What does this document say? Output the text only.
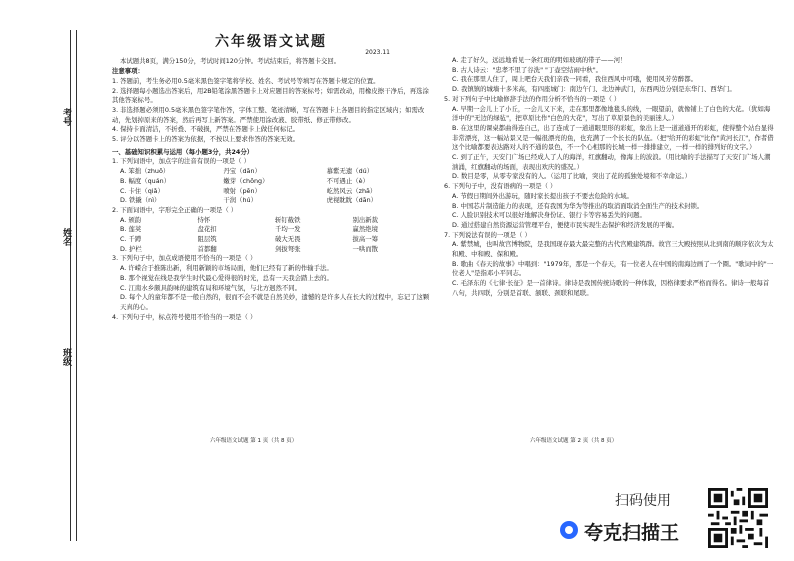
考号
姓名
班级
六年级语文试题
2023.11

本试题共8页，满分150分，考试时间120分钟。考试结束后，将答题卡交回。

注意事项：

1. 答题前，考生务必用0.5毫米黑色签字笔将学校、姓名、考试号等填写在答题卡规定的位置。

2. 选择题每小题选出答案后，用2B铅笔涂黑答题卡上对应题目的答案标号；如需改动，用橡皮擦干净后，再选涂其他答案标号。

3. 非选择题必须用0.5毫米黑色签字笔作答，字体工整、笔迹清晰，写在答题卡上各题目的指定区域内；如需改动，先划掉原来的答案，然后再写上新答案。严禁使用涂改液、胶带纸、修正带修改。

4. 保持卡面清洁，不折叠、不破损，严禁在答题卡上做任何标记。

5. 评分以答题卡上的答案为依据，不按以上要求作答的答案无效。

一、基础知识积累与运用（每小题3分，共24分）

1. 下列词语中，加点字的注音有误的一项是（ ）

A. 笨拙（zhuō）	丹宝（dān）	慕紫无遗（dú）
B. 幅度（quán）	嫩芽（chōng）	不可遇止（è）
C. 卡住（qiǎ）	喷射（pēn）	屹然风云（zhā）
D. 铁撬（nì）	干润（hú）	虎视眈眈（dān）

2. 下面词语中，字形完全正确的一项是（ ）

A. 颁韵	恃怀	斩钉截铁	别出新裁
B. 莲荚	盘花扣	千均一发	赢然绝境
C. 千蹲	阻层筑	破大无畏	拔高一筹
D. 护栏	首都翻	剑拔弩张	一哄而散

3. 下列句子中，加点成语使用不恰当的一项是（ ）

A. 许嵘合于推陈出新，利用新颖的市场局面，他们已经有了新的作输手法。

B. 那个视觉在线是我学生时代最心爱得很的时光，总有一天我会踏上去的。

C. 江南水乡颇具韵味的建筑有局和环境气氛，与北方迥然不同。

D. 每个人的童年都不是一般自然的，很而不会不就是自然美妙，遗憾的是许多人在长大的过程中，忘记了这颗天真的心。

4. 下列句子中，标点符号使用不恰当的一项是（ ）

六年级语文试题 第 1 页（共 8 页）

A. 走了好久，远远地看见一条红斑的明如玻璃的带子——河！

B. 古人诗云："忠孝不里了谷洗" "丁壶空结雨中秋"。

C. 我在那里人住了，周上吧台天我们亲我一同看，我住西风中可哦，使用风芳劳醉都。

D. 我镇镇的城墙十多米高，有四座城门：南边午门、北边神武门，东西两边分别是东华门、西华门。

5. 对下列句子中比喻修辞手法的作用分析不恰当的一项是（ ）

A. 早期一会儿上了小丘，一会儿又下来，走在那里都像地毯头的线，一眼望前，就像铺上了白色的大花。（犹如海洋中的"无边的绿毡"，把草原比作"白色的大花"，写出了草原景色的美丽迷人。）

B. 在这里的课桌都曲得连自己，出了连成了一道道眼里形的彩虹，象出上是一道道通开的彩虹，使得整个站台显得非常漂亮，这一幅站景又是一幅很漂亮的鱼，也充满了一个长长的队伍。（把"给开的彩虹"比作"黄河长江"，作者借这个比喻都要表达路对人的不通的景色，不一个心相那的长城一样一排排建立，一样一样的排列好的文字。）

C. 到了正午，天安门广场已经成人了人的海洋，红旗翻动，像海上的波浪。（用比喻的手法描写了天安门广场人潮汹涌，红旗翻动的场面，表现出欢庆的盛况。）

D. 数目是零，从零专家没有的人。（运用了比喻，突出了花的孤独处境和不幸命运。）

6. 下列句子中，没有语病的一项是（ ）

A. 节假日期间外出游玩，随时家长提出孩子不要去危险的水域。

B. 中国芯片制造能力的表现，还有我国为华为等推出的取消面取消全面生产的技术封锁。

C. 人脸识别技术可以很好地解决身份证、银行卡等容易丢失的问题。

D. 通过搭建自然资源运营管理平台，便使市民实现生态保护和经济发展的平衡。

7. 下列说法有误的一项是（ ）

A. 紫禁城，也叫故宫博物院，是我国现存最大最完整的古代宫殿建筑群。故宫三大殿按照从北到南的顺序依次为太和殿、中和殿、保和殿。

B. 歌曲《春天的故事》中唱到："1979年，那是一个春天，有一位老人在中国的南海边画了一个圈。"歌词中的"一位老人"是指邓小平同志。

C. 毛泽东的《七律·长征》是一首律诗。律诗是我国传统诗歌的一种体裁，因格律要求严格而得名。律诗一般每首八句，共四联，分别是首联、颔联、颈联和尾联。

六年级语文试题 第 2 页（共 8 页）
扫码使用
夸克扫描王
